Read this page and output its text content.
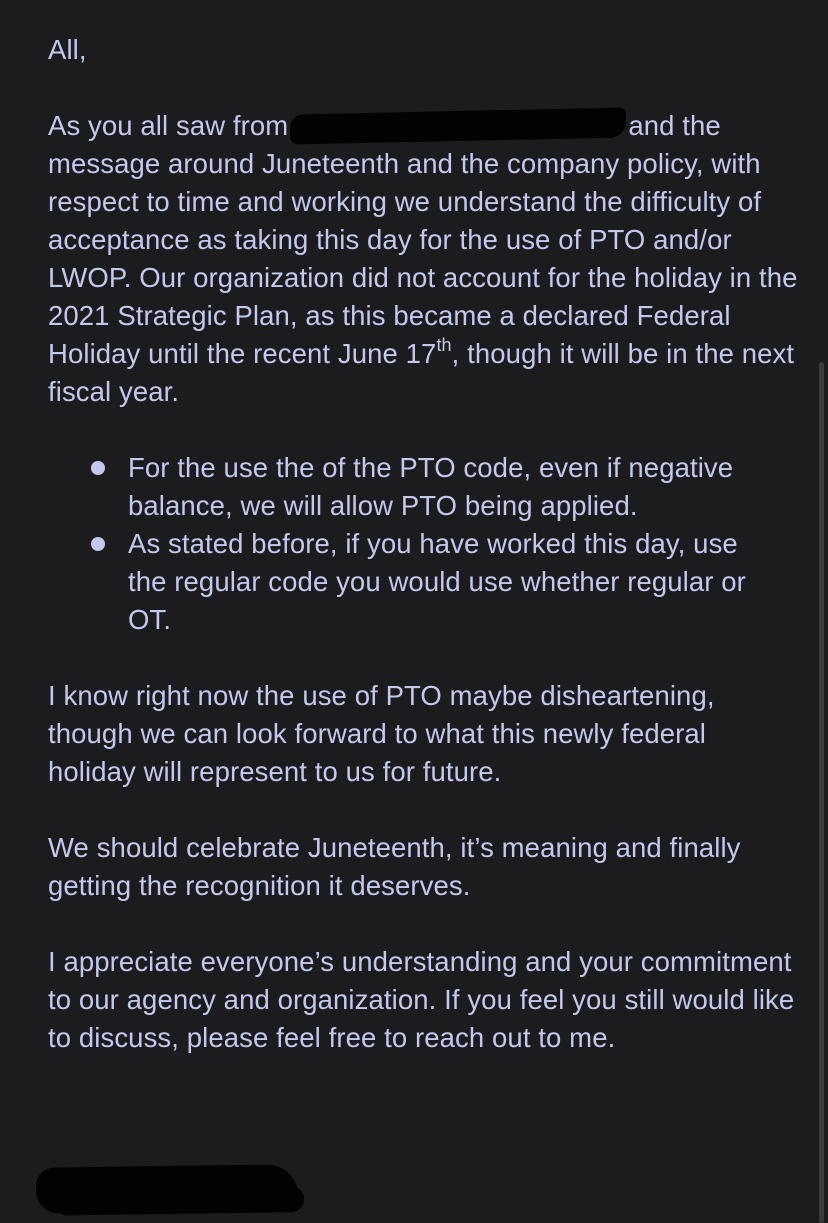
All,

As you all saw from	and the message around Juneteenth and the company policy, with respect to time and working we understand the difficulty of acceptance as taking this day for the use of PTO and/or LWOP. Our organization did not account for the holiday in the 2021 Strategic Plan, as this became a declared Federal Holiday until the recent June 17th, though it will be in the next fiscal year.

For the use the of the PTO code, even if negative balance, we will allow PTO being applied.
As stated before, if you have worked this day, use the regular code you would use whether regular or OT.

I know right now the use of PTO maybe disheartening, though we can look forward to what this newly federal holiday will represent to us for future.

We should celebrate Juneteenth, it’s meaning and finally getting the recognition it deserves.

I appreciate everyone’s understanding and your commitment to our agency and organization. If you feel you still would like to discuss, please feel free to reach out to me.
